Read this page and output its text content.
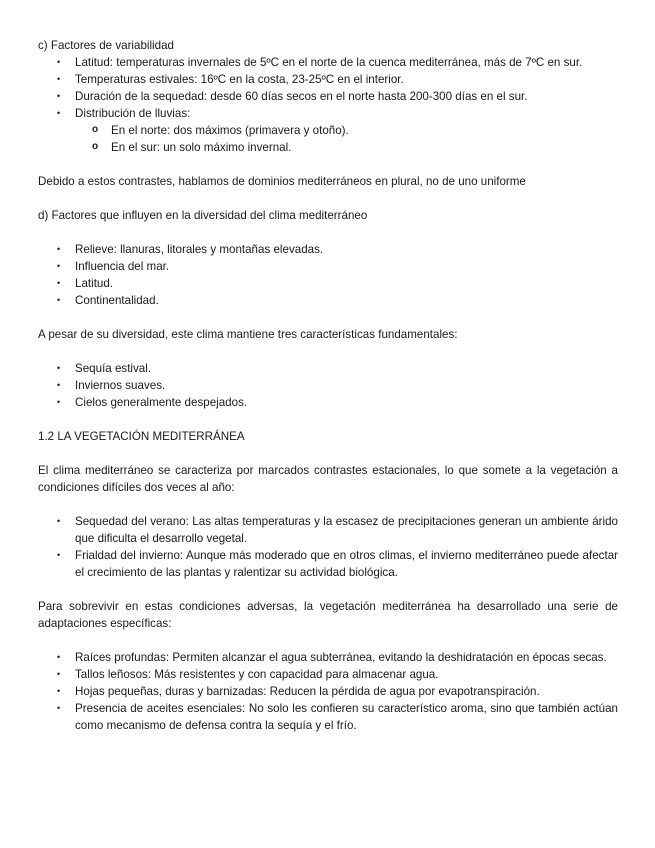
c) Factores de variabilidad

• Latitud: temperaturas invernales de 5ºC en el norte de la cuenca mediterránea, más de 7ºC en sur.
• Temperaturas estivales: 16ºC en la costa, 23-25ºC en el interior.
• Duración de la sequedad: desde 60 días secos en el norte hasta 200-300 días en el sur.
• Distribución de lluvias:
o En el norte: dos máximos (primavera y otoño).
o En el sur: un solo máximo invernal.

Debido a estos contrastes, hablamos de dominios mediterráneos en plural, no de uno uniforme

d) Factores que influyen en la diversidad del clima mediterráneo

• Relieve: llanuras, litorales y montañas elevadas.
• Influencia del mar.
• Latitud.
• Continentalidad.

A pesar de su diversidad, este clima mantiene tres características fundamentales:

• Sequía estival.
• Inviernos suaves.
• Cielos generalmente despejados.

1.2 LA VEGETACIÓN MEDITERRÁNEA

El clima mediterráneo se caracteriza por marcados contrastes estacionales, lo que somete a la vegetación a condiciones difíciles dos veces al año:

• Sequedad del verano: Las altas temperaturas y la escasez de precipitaciones generan un ambiente árido que dificulta el desarrollo vegetal.
• Frialdad del invierno: Aunque más moderado que en otros climas, el invierno mediterráneo puede afectar el crecimiento de las plantas y ralentizar su actividad biológica.

Para sobrevivir en estas condiciones adversas, la vegetación mediterránea ha desarrollado una serie de adaptaciones específicas:

• Raíces profundas: Permiten alcanzar el agua subterránea, evitando la deshidratación en épocas secas.
• Tallos leñosos: Más resistentes y con capacidad para almacenar agua.
• Hojas pequeñas, duras y barnizadas: Reducen la pérdida de agua por evapotranspiración.
• Presencia de aceites esenciales: No solo les confieren su característico aroma, sino que también actúan como mecanismo de defensa contra la sequía y el frío.
